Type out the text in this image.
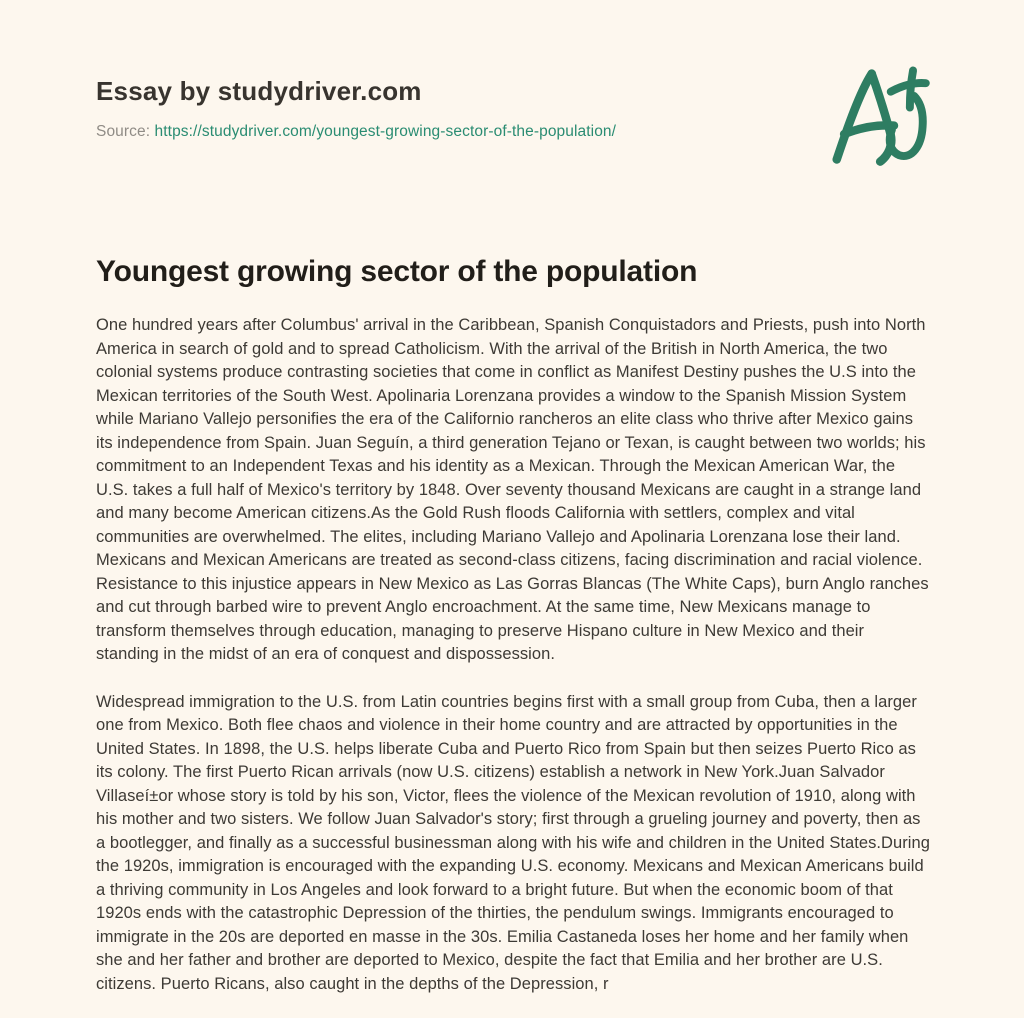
Essay by studydriver.com
Source: https://studydriver.com/youngest-growing-sector-of-the-population/
Youngest growing sector of the population

One hundred years after Columbus' arrival in the Caribbean, Spanish Conquistadors and Priests, push into North America in search of gold and to spread Catholicism. With the arrival of the British in North America, the two colonial systems produce contrasting societies that come in conflict as Manifest Destiny pushes the U.S into the Mexican territories of the South West. Apolinaria Lorenzana provides a window to the Spanish Mission System while Mariano Vallejo personifies the era of the Californio rancheros an elite class who thrive after Mexico gains its independence from Spain. Juan Seguín, a third generation Tejano or Texan, is caught between two worlds; his commitment to an Independent Texas and his identity as a Mexican. Through the Mexican American War, the U.S. takes a full half of Mexico's territory by 1848. Over seventy thousand Mexicans are caught in a strange land and many become American citizens.As the Gold Rush floods California with settlers, complex and vital communities are overwhelmed. The elites, including Mariano Vallejo and Apolinaria Lorenzana lose their land. Mexicans and Mexican Americans are treated as second-class citizens, facing discrimination and racial violence. Resistance to this injustice appears in New Mexico as Las Gorras Blancas (The White Caps), burn Anglo ranches and cut through barbed wire to prevent Anglo encroachment. At the same time, New Mexicans manage to transform themselves through education, managing to preserve Hispano culture in New Mexico and their standing in the midst of an era of conquest and dispossession.

Widespread immigration to the U.S. from Latin countries begins first with a small group from Cuba, then a larger one from Mexico. Both flee chaos and violence in their home country and are attracted by opportunities in the United States. In 1898, the U.S. helps liberate Cuba and Puerto Rico from Spain but then seizes Puerto Rico as its colony. The first Puerto Rican arrivals (now U.S. citizens) establish a network in New York.Juan Salvador Villaseí±or whose story is told by his son, Victor, flees the violence of the Mexican revolution of 1910, along with his mother and two sisters. We follow Juan Salvador's story; first through a grueling journey and poverty, then as a bootlegger, and finally as a successful businessman along with his wife and children in the United States.During the 1920s, immigration is encouraged with the expanding U.S. economy. Mexicans and Mexican Americans build a thriving community in Los Angeles and look forward to a bright future. But when the economic boom of that 1920s ends with the catastrophic Depression of the thirties, the pendulum swings. Immigrants encouraged to immigrate in the 20s are deported en masse in the 30s. Emilia Castaneda loses her home and her family when she and her father and brother are deported to Mexico, despite the fact that Emilia and her brother are U.S. citizens. Puerto Ricans, also caught in the depths of the Depression, r
